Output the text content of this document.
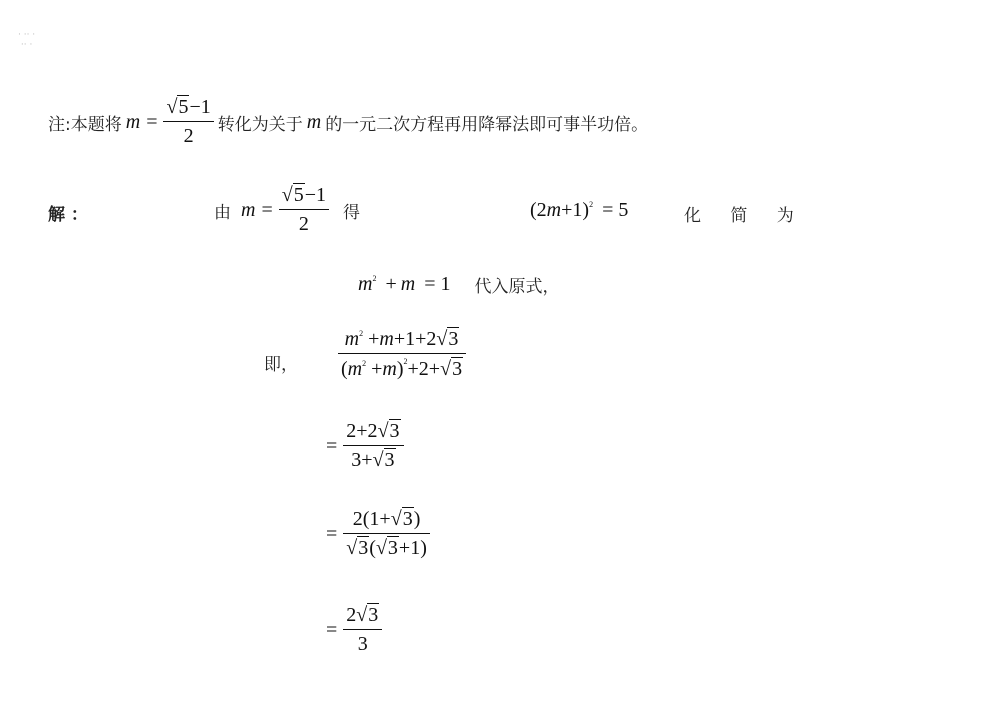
· ·· ·
·· ·
注:本题将 $m = \frac{√5-1}{2}$ 转化为关于 m 的一元二次方程再用降幂法即可事半功倍。
解 ：	由 $m = \frac{√5-1}{2}$ 得	$(2m+1)^2 = 5$	化 简 为
$m^2 + m = 1$ 代入原式，
即， $\frac{m^2 +m+1+2√3}{(m^2 +m)^2+2+√3}$
= $\frac{2+2√3}{3+√3}$
= $\frac{2(1+√3)}{√3(√3+1)}$
= $\frac{2√3}{3}$
